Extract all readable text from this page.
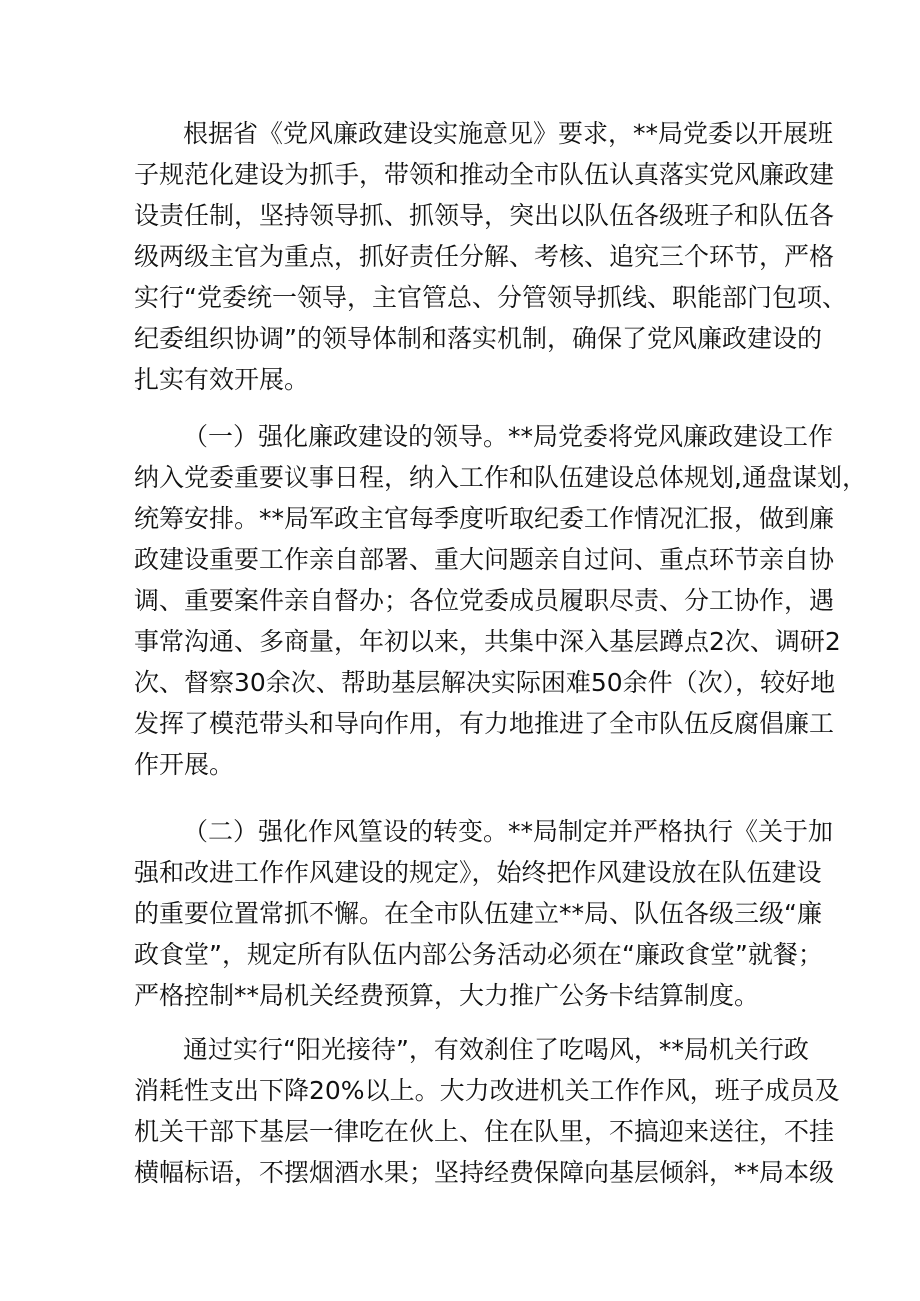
根据省《党风廉政建设实施意见》要求，**局党委以开展班
子规范化建设为抓手，带领和推动全市队伍认真落实党风廉政建
设责任制，坚持领导抓、抓领导，突出以队伍各级班子和队伍各
级两级主官为重点，抓好责任分解、考核、追究三个环节，严格
实行“党委统一领导，主官管总、分管领导抓线、职能部门包项、
纪委组织协调”的领导体制和落实机制，确保了党风廉政建设的
扎实有效开展。
（一）强化廉政建设的领导。**局党委将党风廉政建设工作
纳入党委重要议事日程，纳入工作和队伍建设总体规划,通盘谋划，
统筹安排。**局军政主官每季度听取纪委工作情况汇报，做到廉
政建设重要工作亲自部署、重大问题亲自过问、重点环节亲自协
调、重要案件亲自督办；各位党委成员履职尽责、分工协作，遇
事常沟通、多商量，年初以来，共集中深入基层蹲点2次、调研2
次、督察30余次、帮助基层解决实际困难50余件（次），较好地
发挥了模范带头和导向作用，有力地推进了全市队伍反腐倡廉工
作开展。
（二）强化作风篁设的转变。**局制定并严格执行《关于加
强和改进工作作风建设的规定》，始终把作风建设放在队伍建设
的重要位置常抓不懈。在全市队伍建立**局、队伍各级三级“廉
政食堂”，规定所有队伍内部公务活动必须在“廉政食堂”就餐；
严格控制**局机关经费预算，大力推广公务卡结算制度。
通过实行“阳光接待”，有效刹住了吃喝风，**局机关行政
消耗性支出下降20%以上。大力改进机关工作作风，班子成员及
机关干部下基层一律吃在伙上、住在队里，不搞迎来送往，不挂
横幅标语，不摆烟酒水果；坚持经费保障向基层倾斜，**局本级
